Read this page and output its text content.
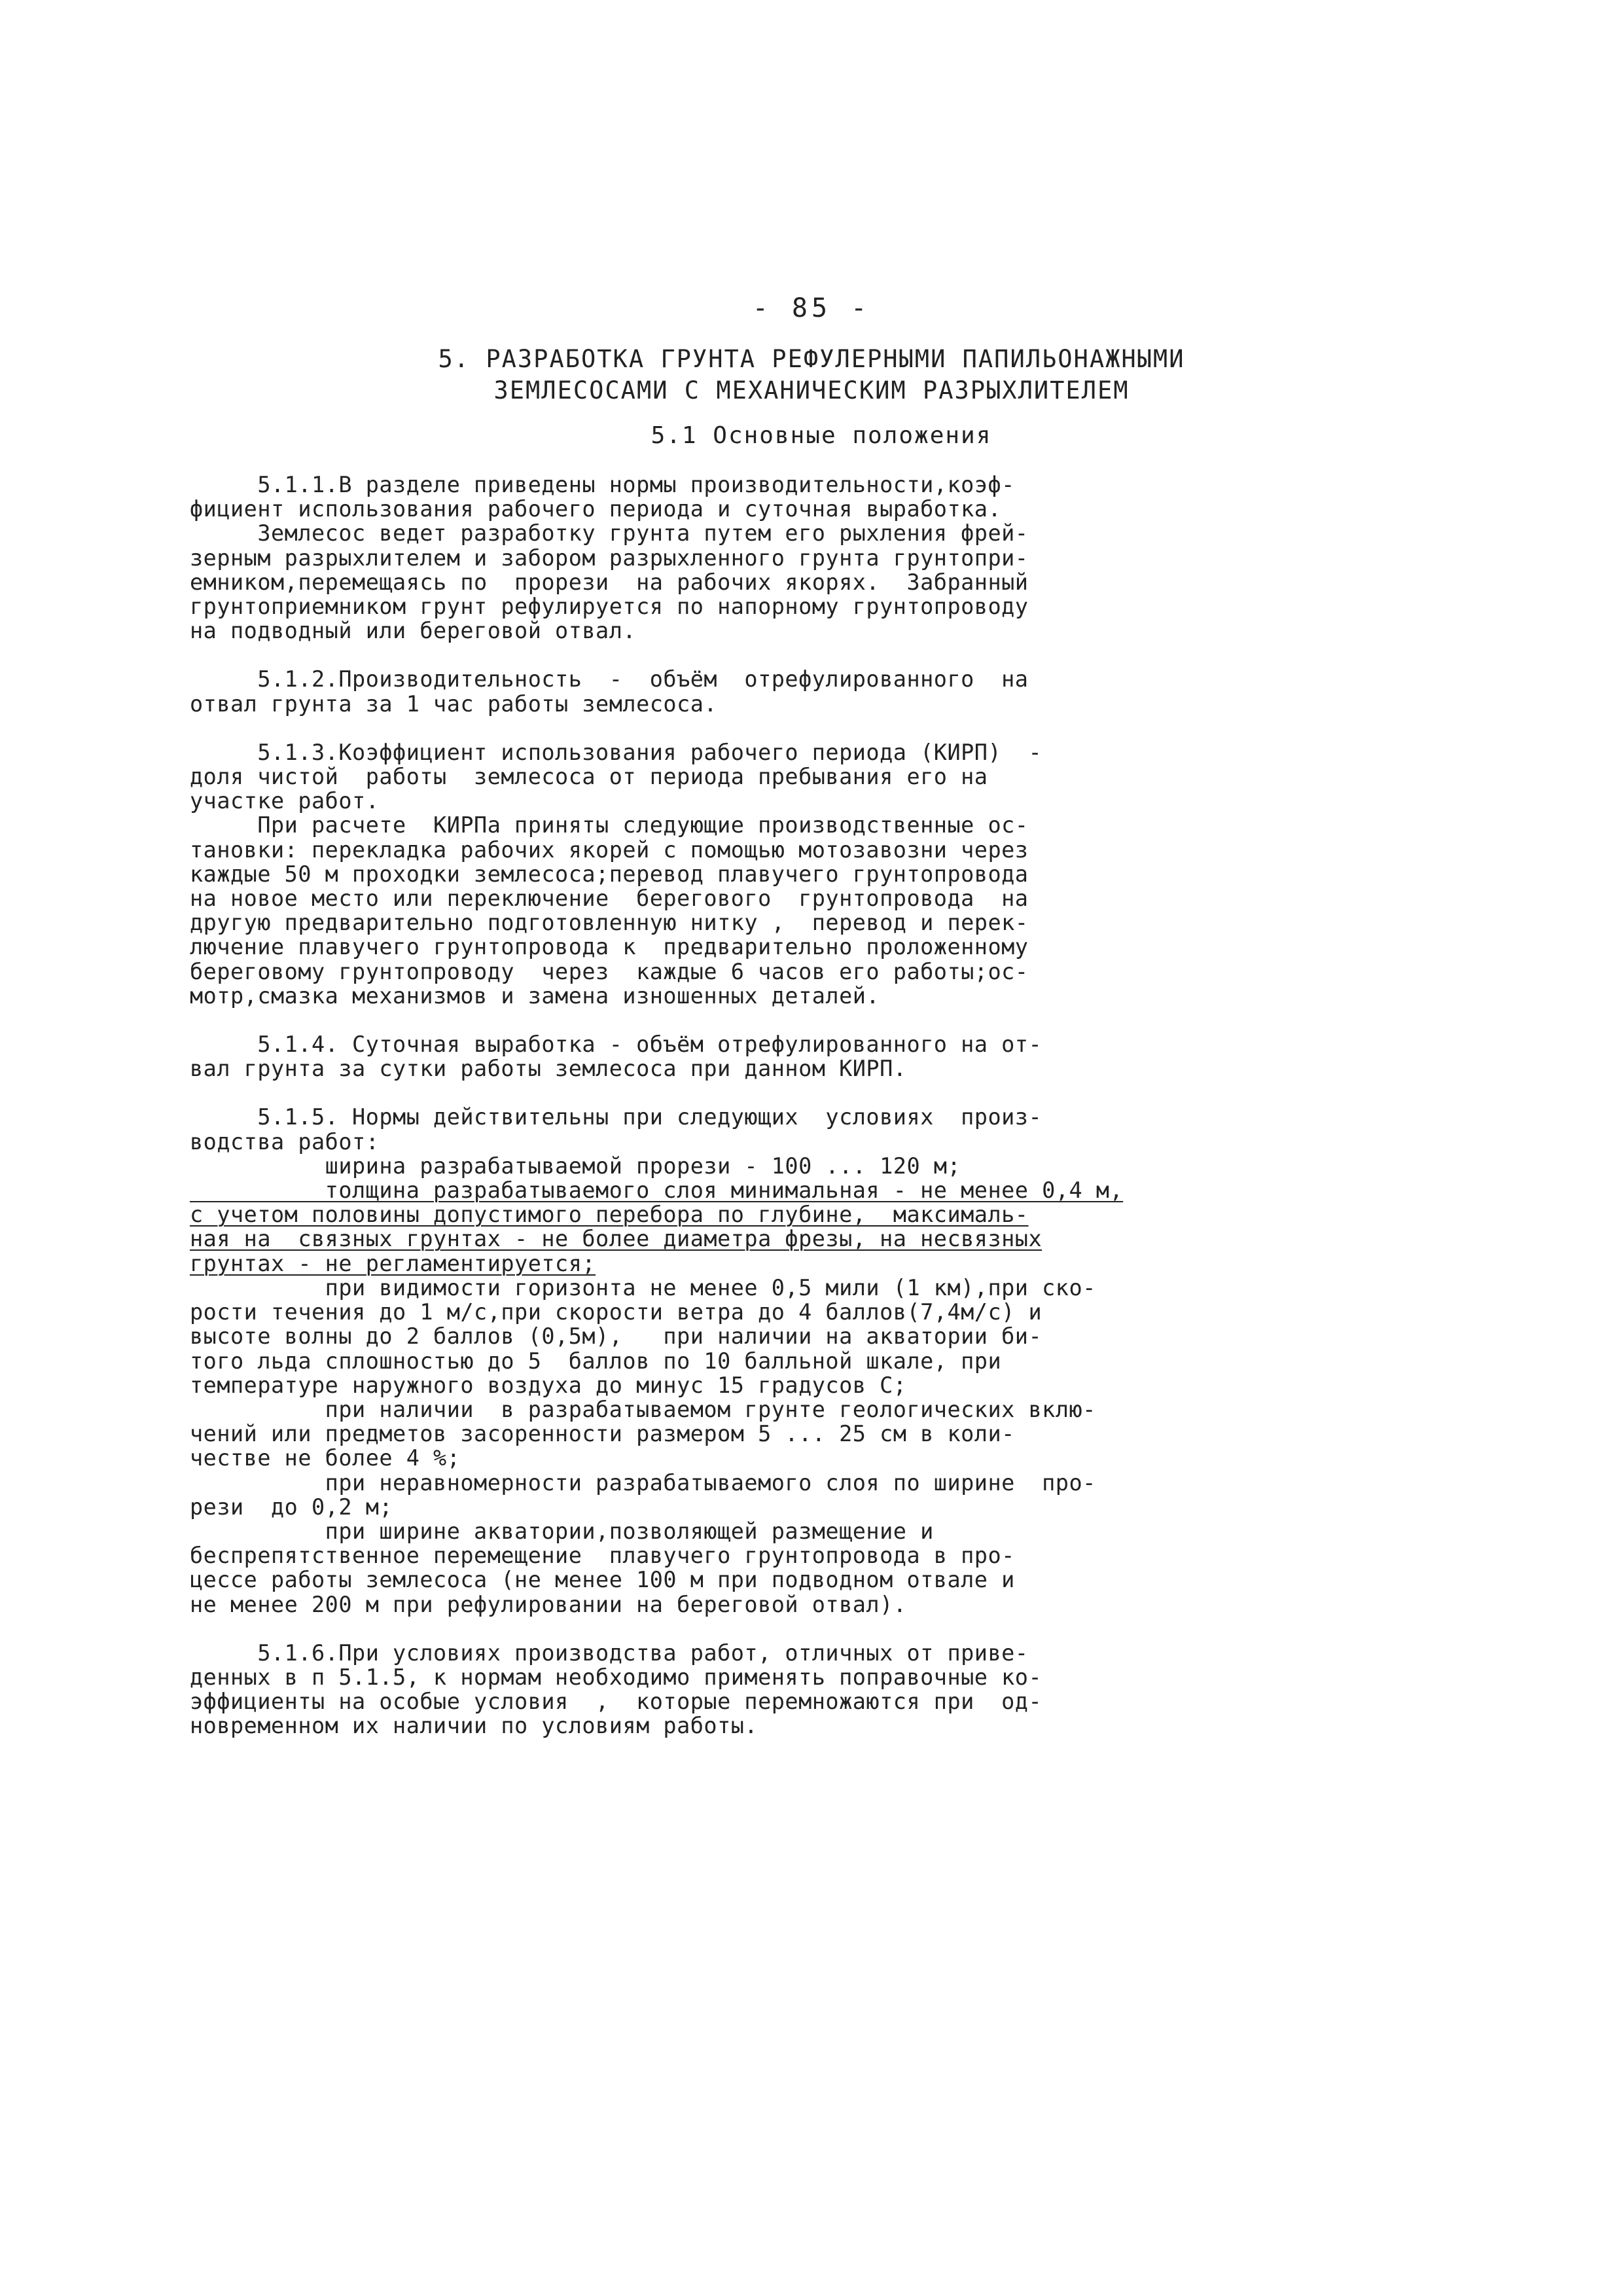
- 85 -
5. РАЗРАБОТКА ГРУНТА РЕФУЛЕРНЫМИ ПАПИЛЬОНАЖНЫМИ
ЗЕМЛЕСОСАМИ С МЕХАНИЧЕСКИМ РАЗРЫХЛИТЕЛЕМ
5.1 Основные положения
5.1.1.В разделе приведены нормы производительности,коэф-
фициент использования рабочего периода и суточная выработка.
Землесос ведет разработку грунта путем его рыхления фрей-
зерным разрыхлителем и забором разрыхленного грунта грунтопри-
емником,перемещаясь по  прорези  на рабочих якорях.  Забранный
грунтоприемником грунт рефулируется по напорному грунтопроводу
на подводный или береговой отвал.
5.1.2.Производительность  -  объём  отрефулированного  на
отвал грунта за 1 час работы землесоса.
5.1.3.Коэффициент использования рабочего периода (КИРП)  -
доля чистой  работы  землесоса от периода пребывания его на
участке работ.
При расчете  КИРПа приняты следующие производственные ос-
тановки: перекладка рабочих якорей с помощью мотозавозни через
каждые 50 м проходки землесоса;перевод плавучего грунтопровода
на новое место или переключение  берегового  грунтопровода  на
другую предварительно подготовленную нитку ,  перевод и перек-
лючение плавучего грунтопровода к  предварительно проложенному
береговому грунтопроводу  через  каждые 6 часов его работы;ос-
мотр,смазка механизмов и замена изношенных деталей.
5.1.4. Суточная выработка - объём отрефулированного на от-
вал грунта за сутки работы землесоса при данном КИРП.
5.1.5. Нормы действительны при следующих  условиях  произ-
водства работ:
ширина разрабатываемой прорези - 100 ... 120 м;
толщина разрабатываемого слоя минимальная - не менее 0,4 м,
с учетом половины допустимого перебора по глубине,  максималь-
ная на  связных грунтах - не более диаметра фрезы, на несвязных
грунтах - не регламентируется;
при видимости горизонта не менее 0,5 мили (1 км),при ско-
рости течения до 1 м/с,при скорости ветра до 4 баллов(7,4м/с) и
высоте волны до 2 баллов (0,5м),   при наличии на акватории би-
того льда сплошностью до 5  баллов по 10 балльной шкале, при
температуре наружного воздуха до минус 15 градусов С;
при наличии  в разрабатываемом грунте геологических вклю-
чений или предметов засоренности размером 5 ... 25 см в коли-
честве не более 4 %;
при неравномерности разрабатываемого слоя по ширине  про-
рези  до 0,2 м;
при ширине акватории,позволяющей размещение и
беспрепятственное перемещение  плавучего грунтопровода в про-
цессе работы землесоса (не менее 100 м при подводном отвале и
не менее 200 м при рефулировании на береговой отвал).
5.1.6.При условиях производства работ, отличных от приве-
денных в п 5.1.5, к нормам необходимо применять поправочные ко-
эффициенты на особые условия  ,  которые перемножаются при  од-
новременном их наличии по условиям работы.
